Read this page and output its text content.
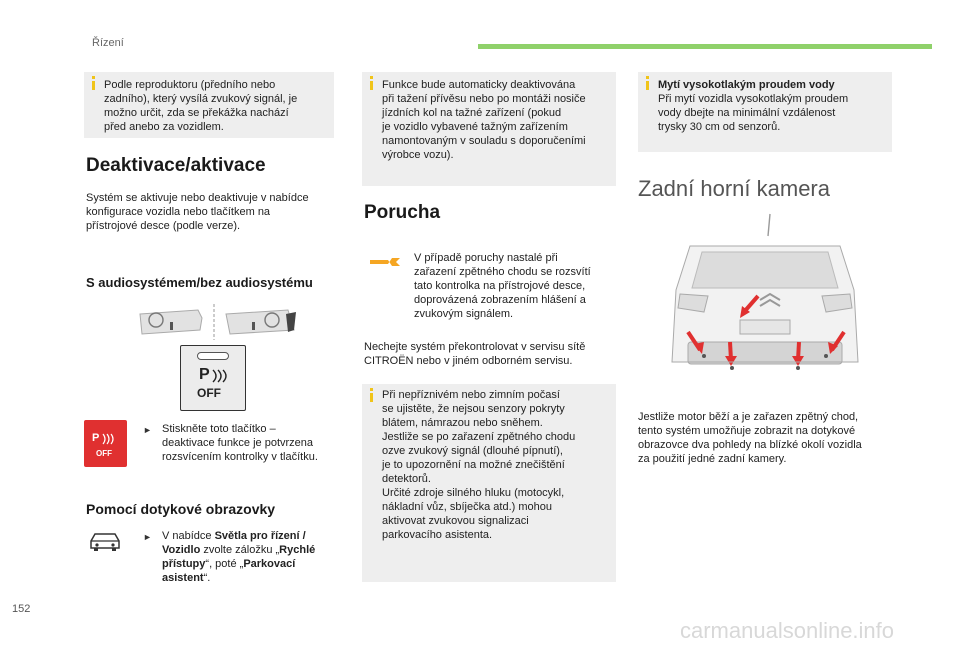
Řízení
Podle reproduktoru (předního nebo
zadního), který vysílá zvukový signál, je
možno určit, zda se překážka nachází
před anebo za vozidlem.
Deaktivace/aktivace
Systém se aktivuje nebo deaktivuje v nabídce
konfigurace vozidla nebo tlačítkem na
přístrojové desce (podle verze).
S audiosystémem/bez audiosystému
P
OFF
P
OFF
► Stiskněte toto tlačítko –
deaktivace funkce je potvrzena
rozsvícením kontrolky v tlačítku.
Pomocí dotykové obrazovky
► V nabídce Světla pro řízení /
Vozidlo zvolte záložku „Rychlé
přístupy“, poté „Parkovací
asistent“.
Funkce bude automaticky deaktivována
při tažení přívěsu nebo po montáži nosiče
jízdních kol na tažné zařízení (pokud
je vozidlo vybavené tažným zařízením
namontovaným v souladu s doporučeními
výrobce vozu).
Porucha
V případě poruchy nastalé při
zařazení zpětného chodu se rozsvítí
tato kontrolka na přístrojové desce,
doprovázená zobrazením hlášení a
zvukovým signálem.
Nechejte systém překontrolovat v servisu sítě
CITROËN nebo v jiném odborném servisu.
Při nepříznivém nebo zimním počasí
se ujistěte, že nejsou senzory pokryty
blátem, námrazou nebo sněhem.
Jestliže se po zařazení zpětného chodu
ozve zvukový signál (dlouhé pípnutí),
je to upozornění na možné znečištění
detektorů.
Určité zdroje silného hluku (motocykl,
nákladní vůz, sbíječka atd.) mohou
aktivovat zvukovou signalizaci
parkovacího asistenta.
Mytí vysokotlakým proudem vody
Při mytí vozidla vysokotlakým proudem
vody dbejte na minimální vzdálenost
trysky 30 cm od senzorů.
Zadní horní kamera
Jestliže motor běží a je zařazen zpětný chod,
tento systém umožňuje zobrazit na dotykové
obrazovce dva pohledy na blízké okolí vozidla
za použití jedné zadní kamery.
152
carmanualsonline.info
